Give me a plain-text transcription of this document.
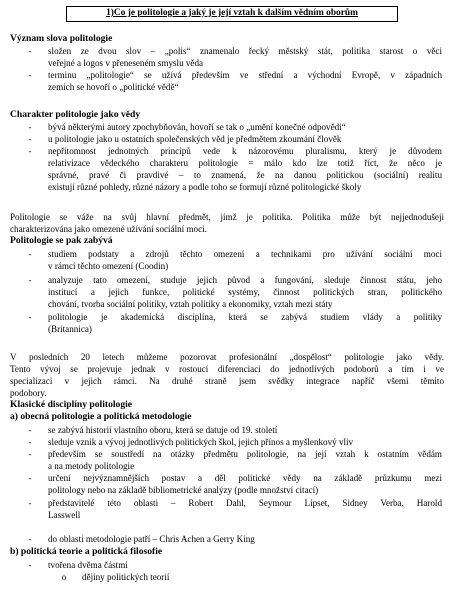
1)Co je politologie a jaký je její vztah k dalším vědním oborům
Význam slova politologie
-	složen ze dvou slov – „polis“ znamenalo řecký městský stát, politika starost o věci
veřejné a logos v přeneseném smyslu věda
-	terminu „politologie“ se užívá především ve střední a východní Evropě, v západních
zemích se hovoří o „politické vědě“
Charakter politologie jako vědy
-	bývá některými autory zpochybňován, hovoří se tak o „umění konečné odpovědi“
-	u politologie jako u ostatních společenských věd je předmětem zkoumání člověk
-	nepřítomnost jednotných principů vede k názorovému pluralismu, který je důvodem
relativizace vědeckého charakteru politologie = málo kdo lze totiž říct, že něco je
správné, pravé či pravdivé – to znamená, že na danou politickou (sociální) realitu
existují různé pohledy, různé názory a podle toho se formují různé politologické školy
Politologie se váže na svůj hlavní předmět, jímž je politika. Politika může být nejjednodušeji
charakterizována jako omezené užívání sociální moci.
Politologie se pak zabývá
-	studiem podstaty a zdrojů těchto omezení a technikami pro užívání sociální moci
v rámci těchto omezení (Coodin)
-	analyzuje tato omezení, studuje jejich původ a fungování, sleduje činnost státu, jeho
institucí a jejich funkce, politické systémy, činnost politických stran, politického
chování, tvorba sociální politiky, vztah politiky a ekonomiky, vztah mezi státy
-	politologie je akademická disciplína, která se zabývá studiem vlády a politiky
(Britannica)
V posledních 20 letech můžeme pozorovat profesionální „dospělost“ politologie jako vědy.
Tento vývoj se projevuje jednak v rostoucí diferenciaci do jednotlivých podoborů a tím i ve
specializaci v jejich rámci. Na druhé straně jsem svědky integrace napříč všemi těmito
podobory.
Klasické disciplíny politologie
a) obecná politologie a politická metodologie
-	se zabývá historií vlastního oboru, která se datuje od 19. století
-	sleduje vznik a vývoj jednotlivých politických škol, jejich přínos a myšlenkový vliv
-	především se soustředí na otázky předmětu politologie, na její vztah k ostatním vědám
a na metody politologie
-	určení nejvýznamnějších postav a děl politické vědy na základě průzkumu mezi
politology nebo na základě bibliometrické analýzy (podle množství citací)
-	představitelé této oblasti – Robert Dahl, Seymour Lipset, Sidney Verba, Harold
Lasswell
-	do oblasti metodologie patří – Chris Achen a Gerry King
b) politická teorie a politická filosofie
-	tvořena dvěma částmi
o	dějiny politických teorií
